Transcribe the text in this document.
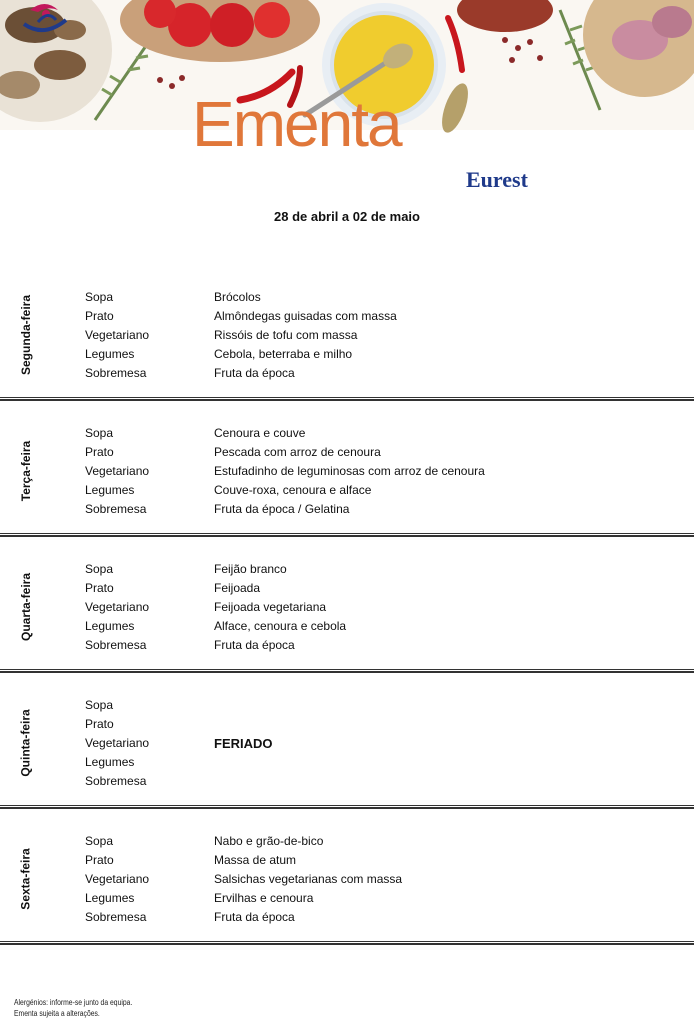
Ementa
Eurest
28 de abril a 02 de maio
Segunda-feira	Sopa	Brócolos
Prato	Almôndegas guisadas com massa
Vegetariano	Rissóis de tofu com massa
Legumes	Cebola, beterraba e milho
Sobremesa	Fruta da época
Terça-feira
Sopa	Cenoura e couve
Prato	Pescada com arroz de cenoura
Vegetariano	Estufadinho de leguminosas com arroz de cenoura
Legumes	Couve-roxa, cenoura e alface
Sobremesa	Fruta da época / Gelatina
Quarta-feira
Sopa	Feijão branco
Prato	Feijoada
Vegetariano	Feijoada vegetariana
Legumes	Alface, cenoura e cebola
Sobremesa	Fruta da época
Quinta-feira
Sopa
Prato
Vegetariano	FERIADO
Legumes
Sobremesa
Sexta-feira
Sopa	Nabo e grão-de-bico
Prato	Massa de atum
Vegetariano	Salsichas vegetarianas com massa
Legumes	Ervilhas e cenoura
Sobremesa	Fruta da época
Alergénios: informe-se junto da equipa.
Ementa sujeita a alterações.
